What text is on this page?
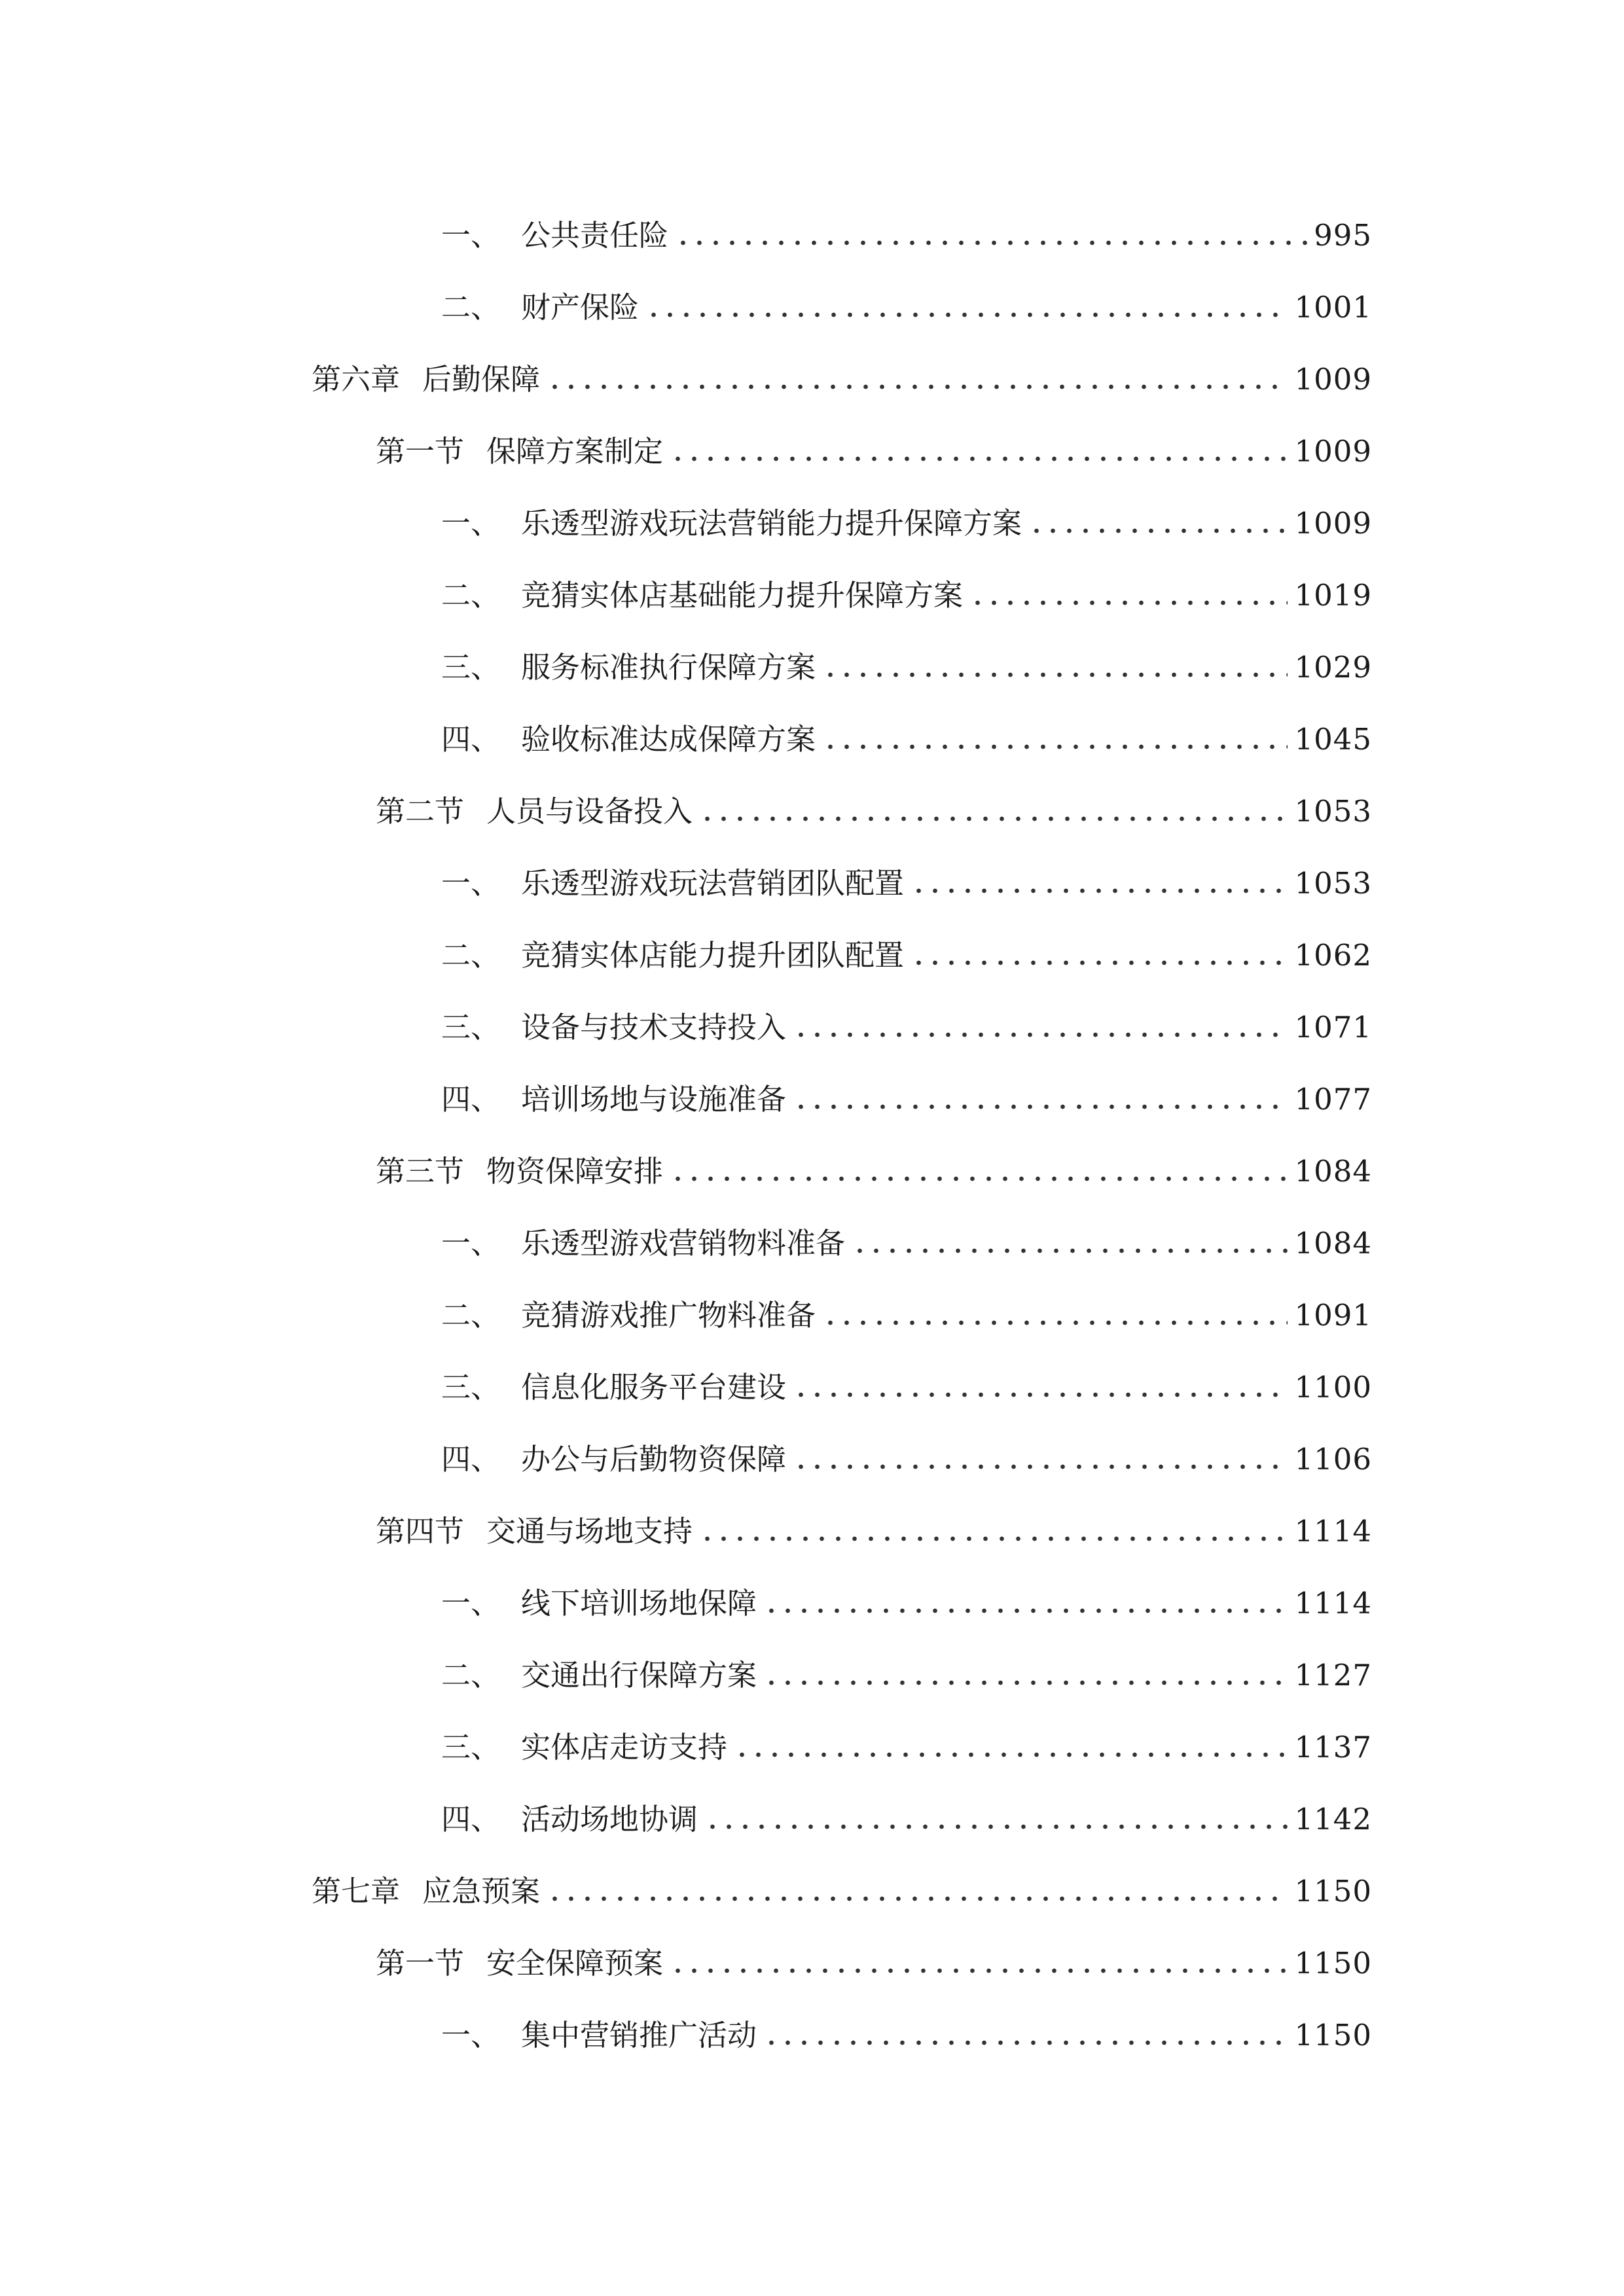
一、 公共责任险	995
二、 财产保险	1001
第六章 后勤保障	1009
第一节 保障方案制定	1009
一、 乐透型游戏玩法营销能力提升保障方案	1009
二、 竞猜实体店基础能力提升保障方案	1019
三、 服务标准执行保障方案	1029
四、 验收标准达成保障方案	1045
第二节 人员与设备投入	1053
一、 乐透型游戏玩法营销团队配置	1053
二、 竞猜实体店能力提升团队配置	1062
三、 设备与技术支持投入	1071
四、 培训场地与设施准备	1077
第三节 物资保障安排	1084
一、 乐透型游戏营销物料准备	1084
二、 竞猜游戏推广物料准备	1091
三、 信息化服务平台建设	1100
四、 办公与后勤物资保障	1106
第四节 交通与场地支持	1114
一、 线下培训场地保障	1114
二、 交通出行保障方案	1127
三、 实体店走访支持	1137
四、 活动场地协调	1142
第七章 应急预案	1150
第一节 安全保障预案	1150
一、 集中营销推广活动	1150
